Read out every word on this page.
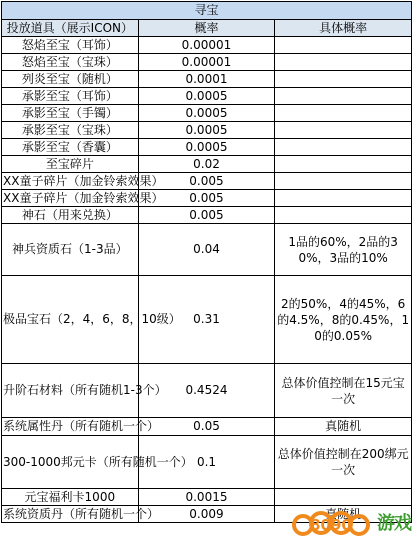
寻宝		
投放道具（展示ICON）	概率	具体概率
怒焰至宝（耳饰）	0.00001	
怒焰至宝（宝珠）	0.00001	
列炎至宝（随机）	0.0001	
承影至宝（耳饰）	0.0005	
承影至宝（手镯）	0.0005	
承影至宝（宝珠）	0.0005	
承影至宝（香囊）	0.0005	
至宝碎片	0.02	
XX童子碎片（加金铃索效果）	0.005	
XX童子碎片（加金铃索效果）	0.005	
神石（用来兑换）	0.005	
神兵资质石（1-3品）	0.04	1品的60%，2品的30%，3品的10%
极品宝石（2，4，6，8，10级）	0.31	2的50%，4的45%，6的4.5%，8的0.45%，10的0.05%
升阶石材料（所有随机1-3个）	0.4524	总体价值控制在15元宝一次
系统属性丹（所有随机一个）	0.05	真随机
300-1000邦元卡（所有随机一个）	0.1	总体价值控制在200绑元一次
元宝福利卡1000	0.0015	
系统资质丹（所有随机一个）	0.009	真随机
8090 游戏
